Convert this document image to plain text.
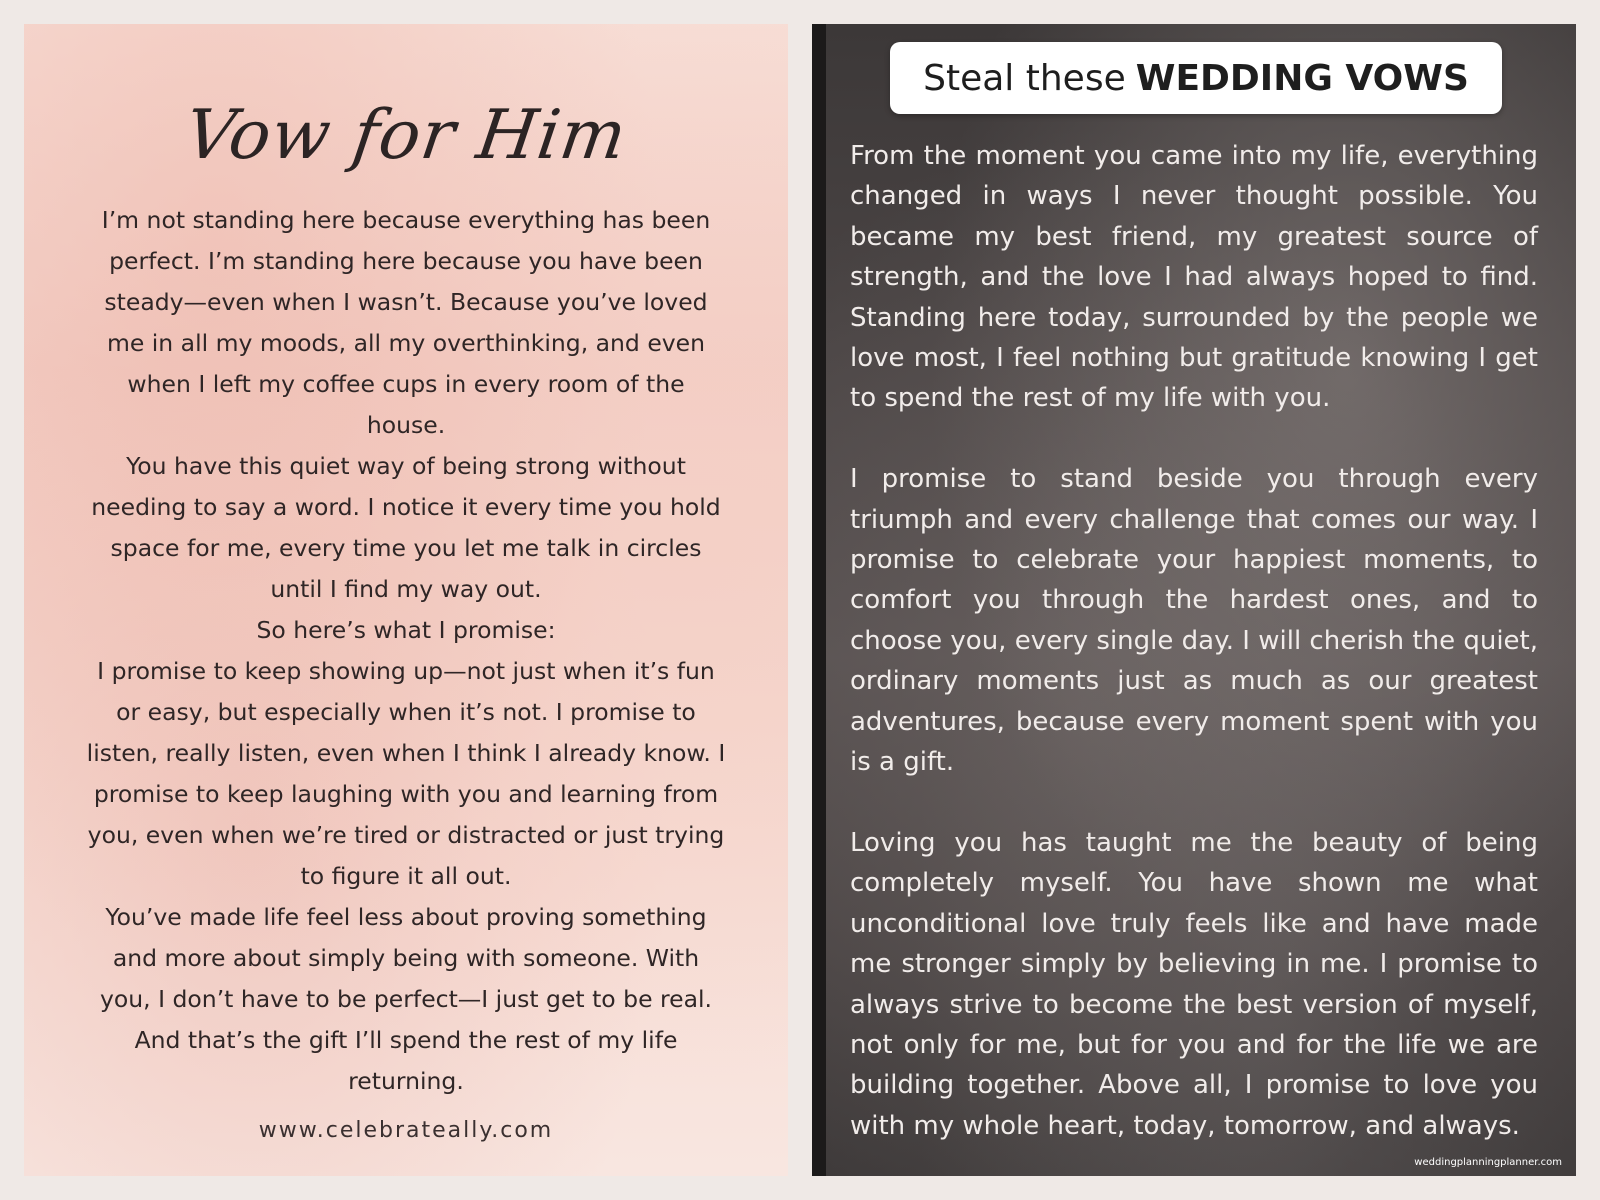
Vow for Him

I’m not standing here because everything has been perfect. I’m standing here because you have been steady—even when I wasn’t. Because you’ve loved me in all my moods, all my overthinking, and even when I left my coffee cups in every room of the house.

You have this quiet way of being strong without needing to say a word. I notice it every time you hold space for me, every time you let me talk in circles until I find my way out.

So here’s what I promise:

I promise to keep showing up—not just when it’s fun or easy, but especially when it’s not. I promise to listen, really listen, even when I think I already know. I promise to keep laughing with you and learning from you, even when we’re tired or distracted or just trying to figure it all out.

You’ve made life feel less about proving something and more about simply being with someone. With you, I don’t have to be perfect—I just get to be real. And that’s the gift I’ll spend the rest of my life returning.

www.celebrateally.com
Steal these WEDDING VOWS

From the moment you came into my life, everything changed in ways I never thought possible. You became my best friend, my greatest source of strength, and the love I had always hoped to find. Standing here today, surrounded by the people we love most, I feel nothing but gratitude knowing I get to spend the rest of my life with you.

I promise to stand beside you through every triumph and every challenge that comes our way. I promise to celebrate your happiest moments, to comfort you through the hardest ones, and to choose you, every single day. I will cherish the quiet, ordinary moments just as much as our greatest adventures, because every moment spent with you is a gift.

Loving you has taught me the beauty of being completely myself. You have shown me what unconditional love truly feels like and have made me stronger simply by believing in me. I promise to always strive to become the best version of myself, not only for me, but for you and for the life we are building together. Above all, I promise to love you with my whole heart, today, tomorrow, and always.

weddingplanningplanner.com
